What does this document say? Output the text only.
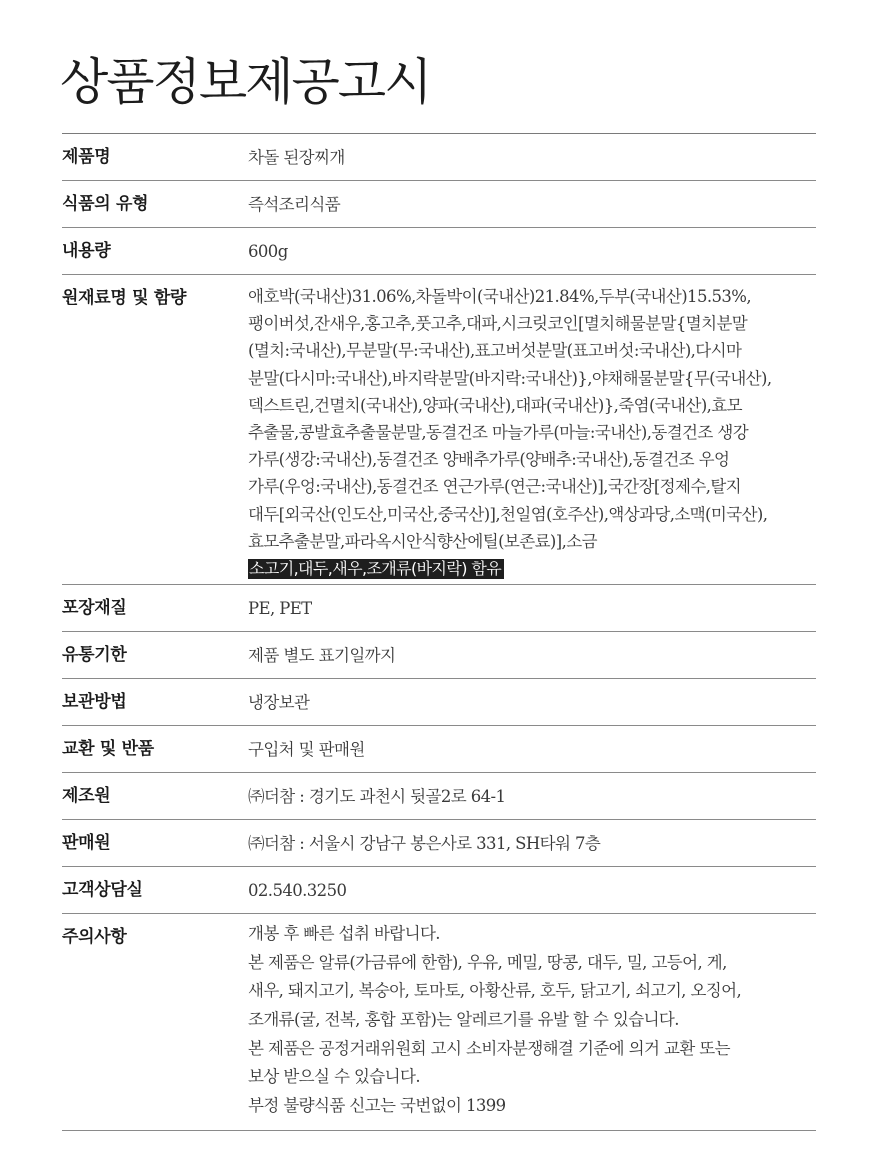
상품정보제공고시
제품명	차돌 된장찌개
식품의 유형	즉석조리식품
내용량	600g
원재료명 및 함량	애호박(국내산)31.06%,차돌박이(국내산)21.84%,두부(국내산)15.53%,
팽이버섯,잔새우,홍고추,풋고추,대파,시크릿코인[멸치해물분말{멸치분말
(멸치:국내산),무분말(무:국내산),표고버섯분말(표고버섯:국내산),다시마
분말(다시마:국내산),바지락분말(바지락:국내산)},야채해물분말{무(국내산),
덱스트린,건멸치(국내산),양파(국내산),대파(국내산)},죽염(국내산),효모
추출물,콩발효추출물분말,동결건조 마늘가루(마늘:국내산),동결건조 생강
가루(생강:국내산),동결건조 양배추가루(양배추:국내산),동결건조 우엉
가루(우엉:국내산),동결건조 연근가루(연근:국내산)],국간장[정제수,탈지
대두[외국산(인도산,미국산,중국산)],천일염(호주산),액상과당,소맥(미국산),
효모추출분말,파라옥시안식향산에틸(보존료)],소금
소고기,대두,새우,조개류(바지락) 함유
포장재질	PE, PET
유통기한	제품 별도 표기일까지
보관방법	냉장보관
교환 및 반품	구입처 및 판매원
제조원	㈜더참 : 경기도 과천시 뒷골2로 64-1
판매원	㈜더참 : 서울시 강남구 봉은사로 331, SH타워 7층
고객상담실	02.540.3250
주의사항	개봉 후 빠른 섭취 바랍니다.
본 제품은 알류(가금류에 한함), 우유, 메밀, 땅콩, 대두, 밀, 고등어, 게,
새우, 돼지고기, 복숭아, 토마토, 아황산류, 호두, 닭고기, 쇠고기, 오징어,
조개류(굴, 전복, 홍합 포함)는 알레르기를 유발 할 수 있습니다.
본 제품은 공정거래위원회 고시 소비자분쟁해결 기준에 의거 교환 또는
보상 받으실 수 있습니다.
부정 불량식품 신고는 국번없이 1399
